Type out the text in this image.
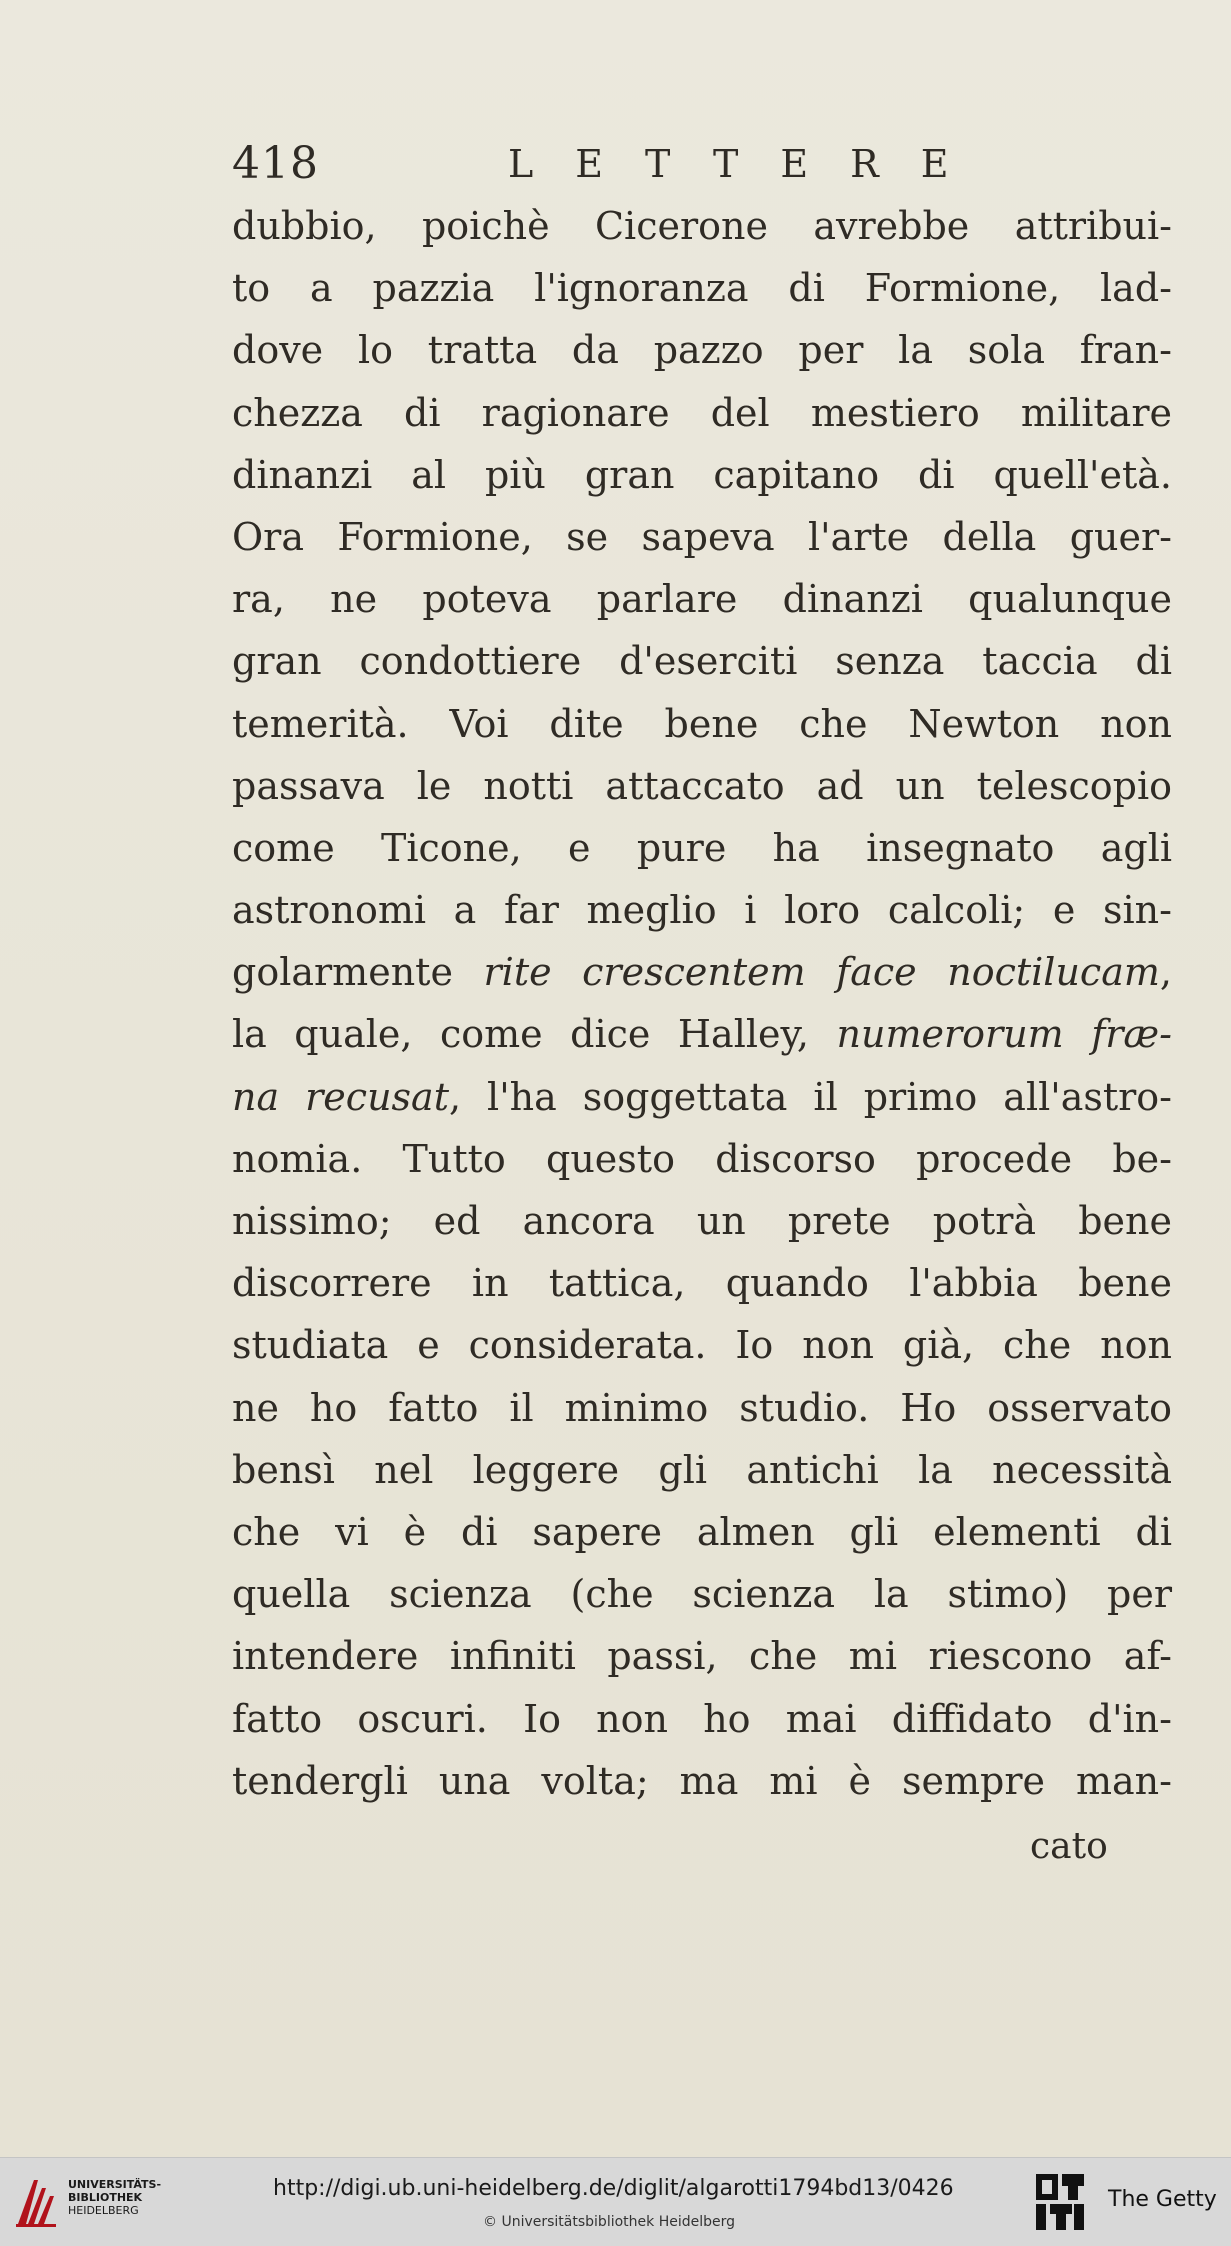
418	LETTERE
dubbio, poichè Cicerone avrebbe attribui-
to a pazzia l'ignoranza di Formione, lad-
dove lo tratta da pazzo per la sola fran-
chezza di ragionare del mestiero militare
dinanzi al più gran capitano di quell'età.
Ora Formione, se sapeva l'arte della guer-
ra, ne poteva parlare dinanzi qualunque
gran condottiere d'eserciti senza taccia di
temerità. Voi dite bene che Newton non
passava le notti attaccato ad un telescopio
come Ticone, e pure ha insegnato agli
astronomi a far meglio i loro calcoli; e sin-
golarmente rite crescentem face noctilucam,
la quale, come dice Halley, numerorum fræ-
na recusat, l'ha soggettata il primo all'astro-
nomia. Tutto questo discorso procede be-
nissimo; ed ancora un prete potrà bene
discorrere in tattica, quando l'abbia bene
studiata e considerata. Io non già, che non
ne ho fatto il minimo studio. Ho osservato
bensì nel leggere gli antichi la necessità
che vi è di sapere almen gli elementi di
quella scienza (che scienza la stimo) per
intendere infiniti passi, che mi riescono af-
fatto oscuri. Io non ho mai diffidato d'in-
tendergli una volta; ma mi è sempre man-
cato
UNIVERSITÄTS-
BIBLIOTHEK
HEIDELBERG
http://digi.ub.uni-heidelberg.de/diglit/algarotti1794bd13/0426
© Universitätsbibliothek Heidelberg
The Getty
